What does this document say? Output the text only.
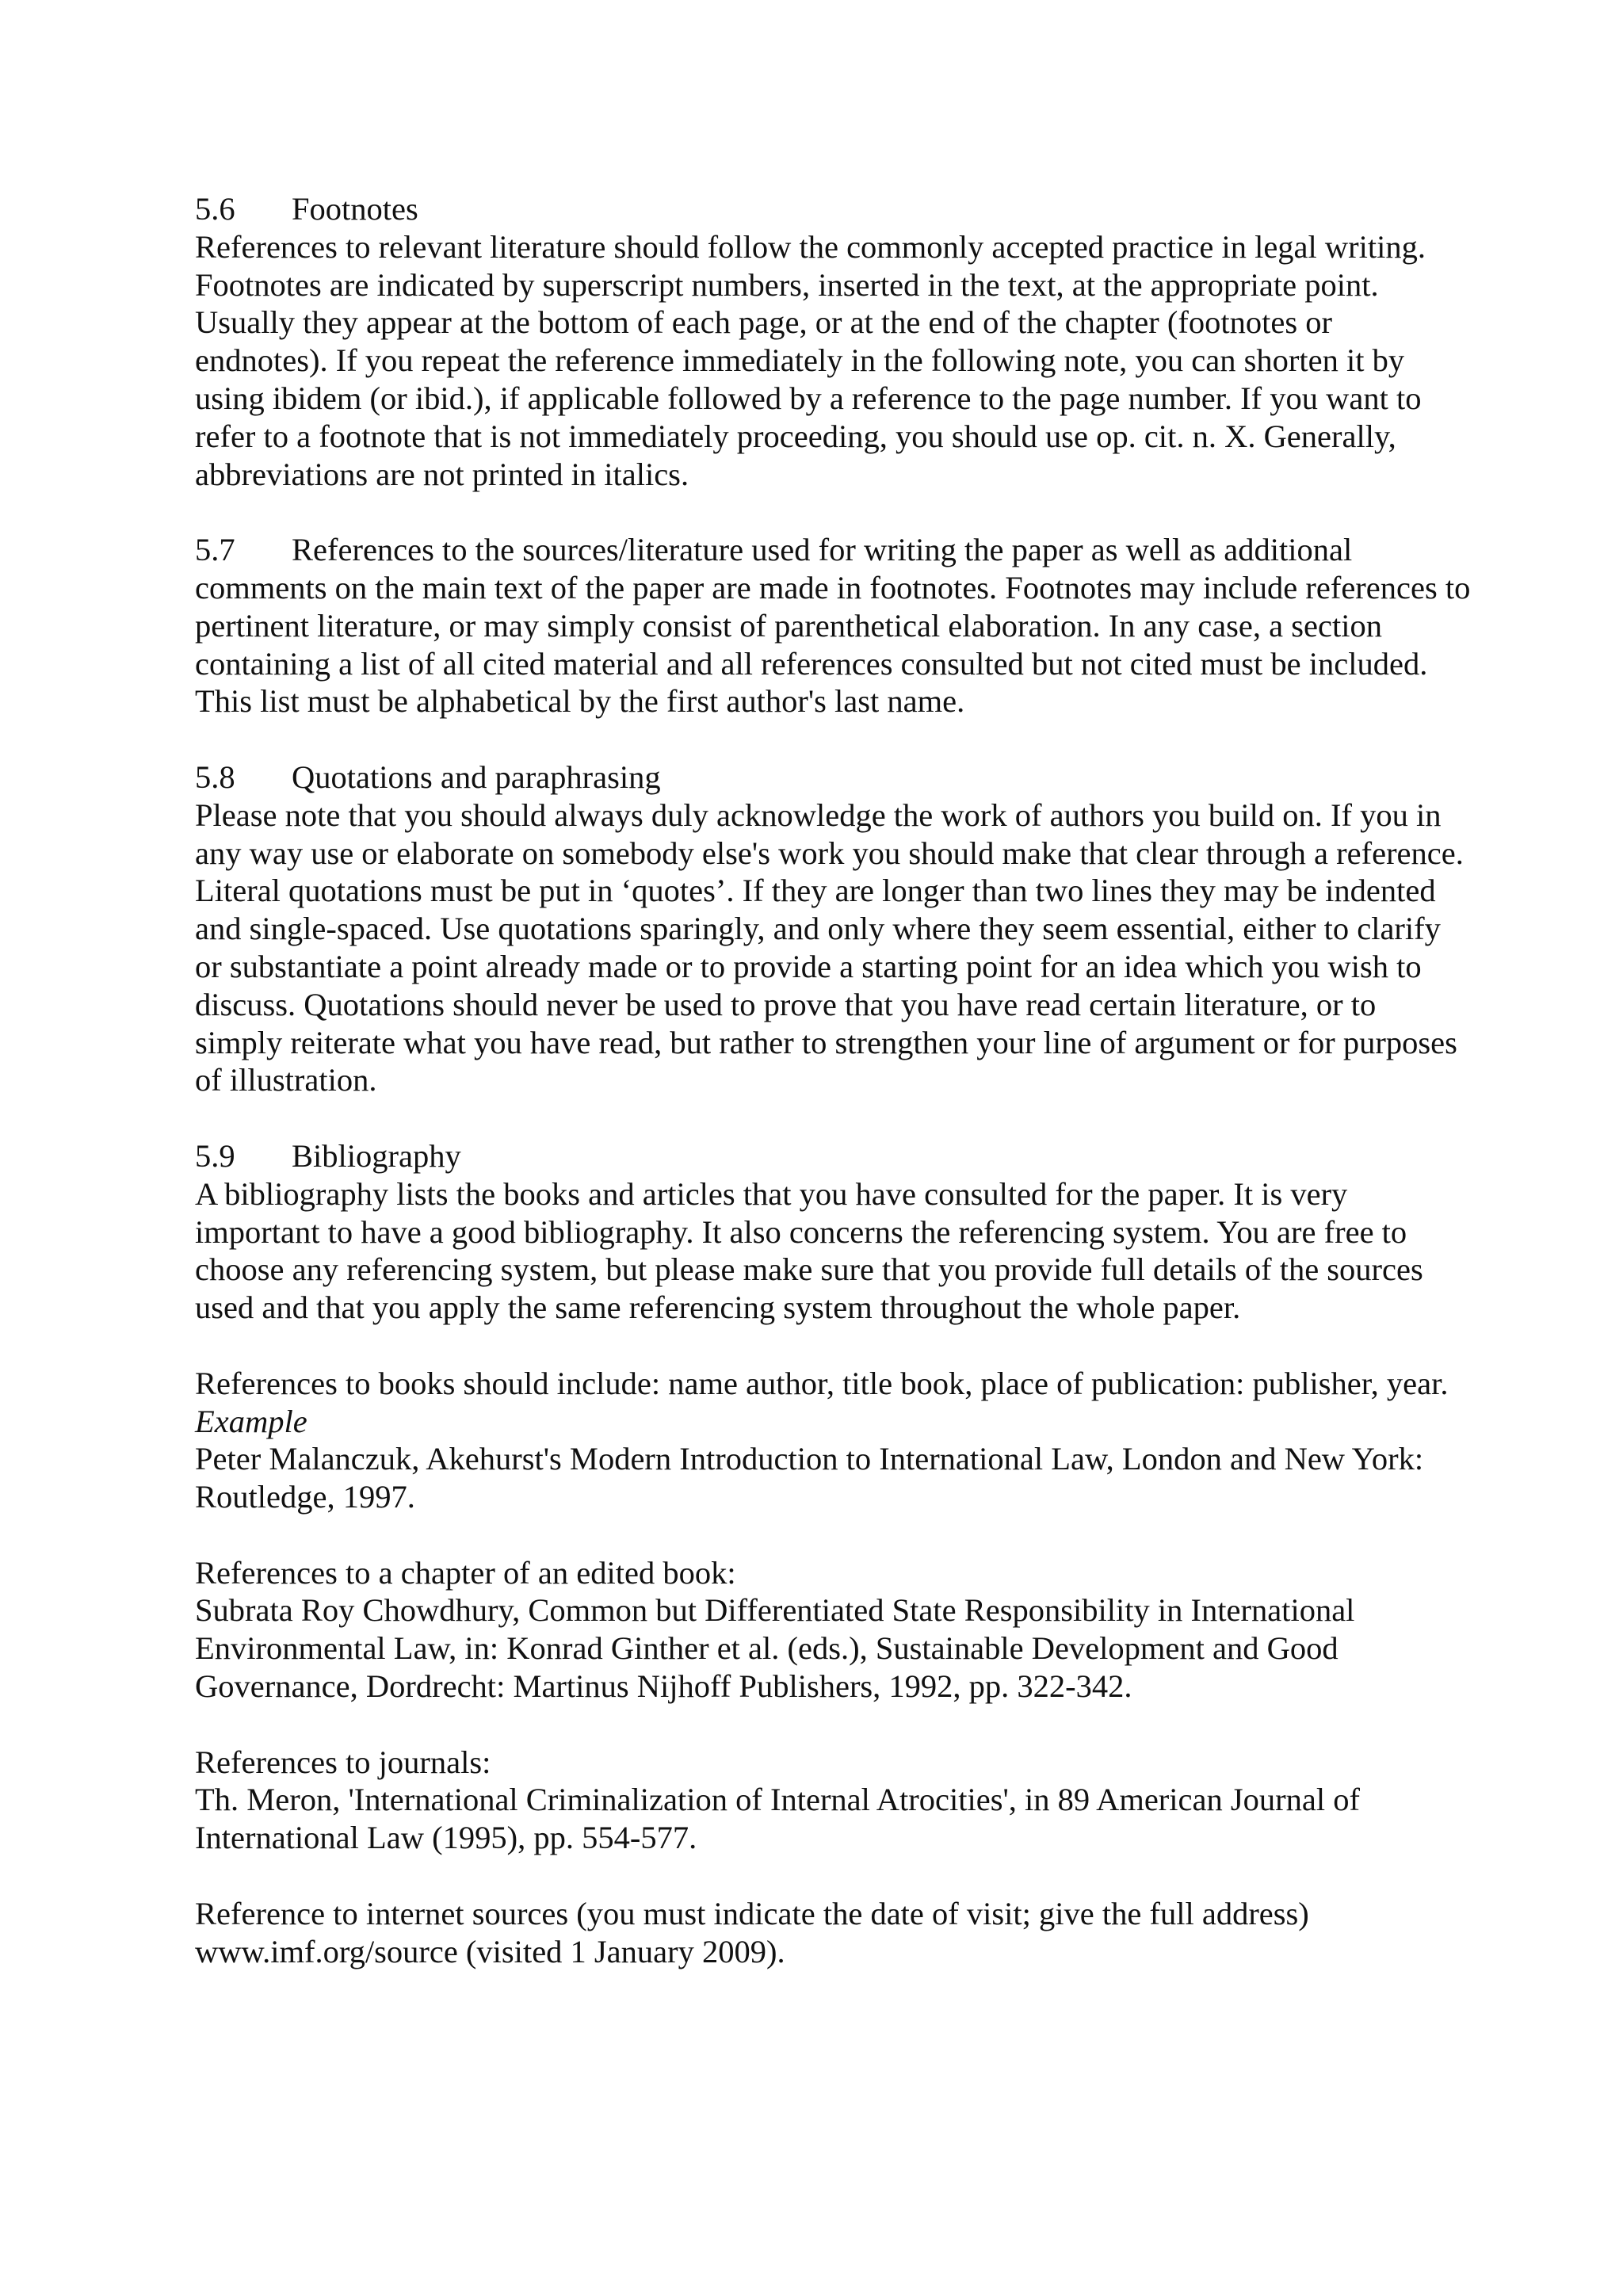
5.6	Footnotes

References to relevant literature should follow the commonly accepted practice in legal writing. Footnotes are indicated by superscript numbers, inserted in the text, at the appropriate point. Usually they appear at the bottom of each page, or at the end of the chapter (footnotes or endnotes). If you repeat the reference immediately in the following note, you can shorten it by using ibidem (or ibid.), if applicable followed by a reference to the page number. If you want to refer to a footnote that is not immediately proceeding, you should use op. cit. n. X. Generally, abbreviations are not printed in italics.

5.7 References to the sources/literature used for writing the paper as well as additional comments on the main text of the paper are made in footnotes. Footnotes may include references to pertinent literature, or may simply consist of parenthetical elaboration. In any case, a section containing a list of all cited material and all references consulted but not cited must be included. This list must be alphabetical by the first author's last name.

5.8	Quotations and paraphrasing

Please note that you should always duly acknowledge the work of authors you build on. If you in any way use or elaborate on somebody else's work you should make that clear through a reference. Literal quotations must be put in ‘quotes’. If they are longer than two lines they may be indented and single-spaced. Use quotations sparingly, and only where they seem essential, either to clarify or substantiate a point already made or to provide a starting point for an idea which you wish to discuss. Quotations should never be used to prove that you have read certain literature, or to simply reiterate what you have read, but rather to strengthen your line of argument or for purposes of illustration.

5.9	Bibliography

A bibliography lists the books and articles that you have consulted for the paper. It is very important to have a good bibliography. It also concerns the referencing system. You are free to choose any referencing system, but please make sure that you provide full details of the sources used and that you apply the same referencing system throughout the whole paper.

References to books should include: name author, title book, place of publication: publisher, year.

Example

Peter Malanczuk, Akehurst's Modern Introduction to International Law, London and New York: Routledge, 1997.

References to a chapter of an edited book:

Subrata Roy Chowdhury, Common but Differentiated State Responsibility in International Environmental Law, in: Konrad Ginther et al. (eds.), Sustainable Development and Good Governance, Dordrecht: Martinus Nijhoff Publishers, 1992, pp. 322-342.

References to journals:

Th. Meron, 'International Criminalization of Internal Atrocities', in 89 American Journal of International Law (1995), pp. 554-577.

Reference to internet sources (you must indicate the date of visit; give the full address)

www.imf.org/source (visited 1 January 2009).
